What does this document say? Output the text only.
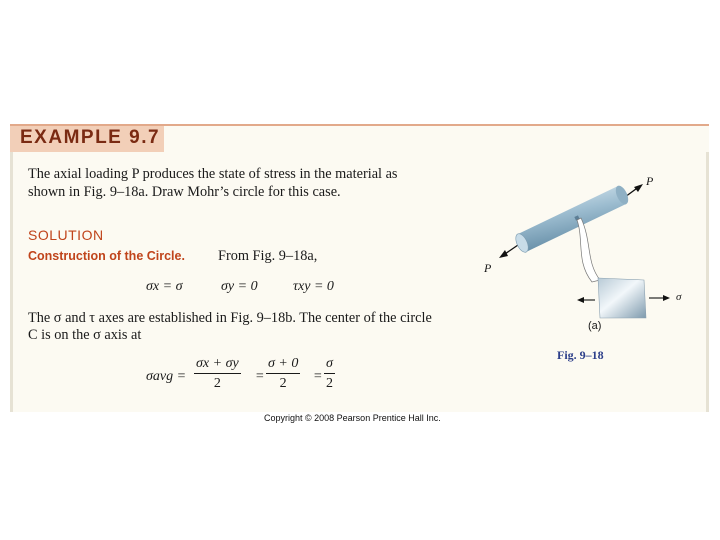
EXAMPLE 9.7
The axial loading P produces the state of stress in the material as
shown in Fig. 9–18a. Draw Mohr’s circle for this case.
SOLUTION
Construction of the Circle. From Fig. 9–18a,
σx = σ	σy = 0	τxy = 0
The σ and τ axes are established in Fig. 9–18b. The center of the circle
C is on the σ axis at
$\sigma avg = \frac{\sigma x + \sigma y}{2} = \frac{\sigma + 0}{2} = \frac{\sigma}{2}$
P
P
σ
(a)
Fig. 9–18
Copyright © 2008 Pearson Prentice Hall Inc.
